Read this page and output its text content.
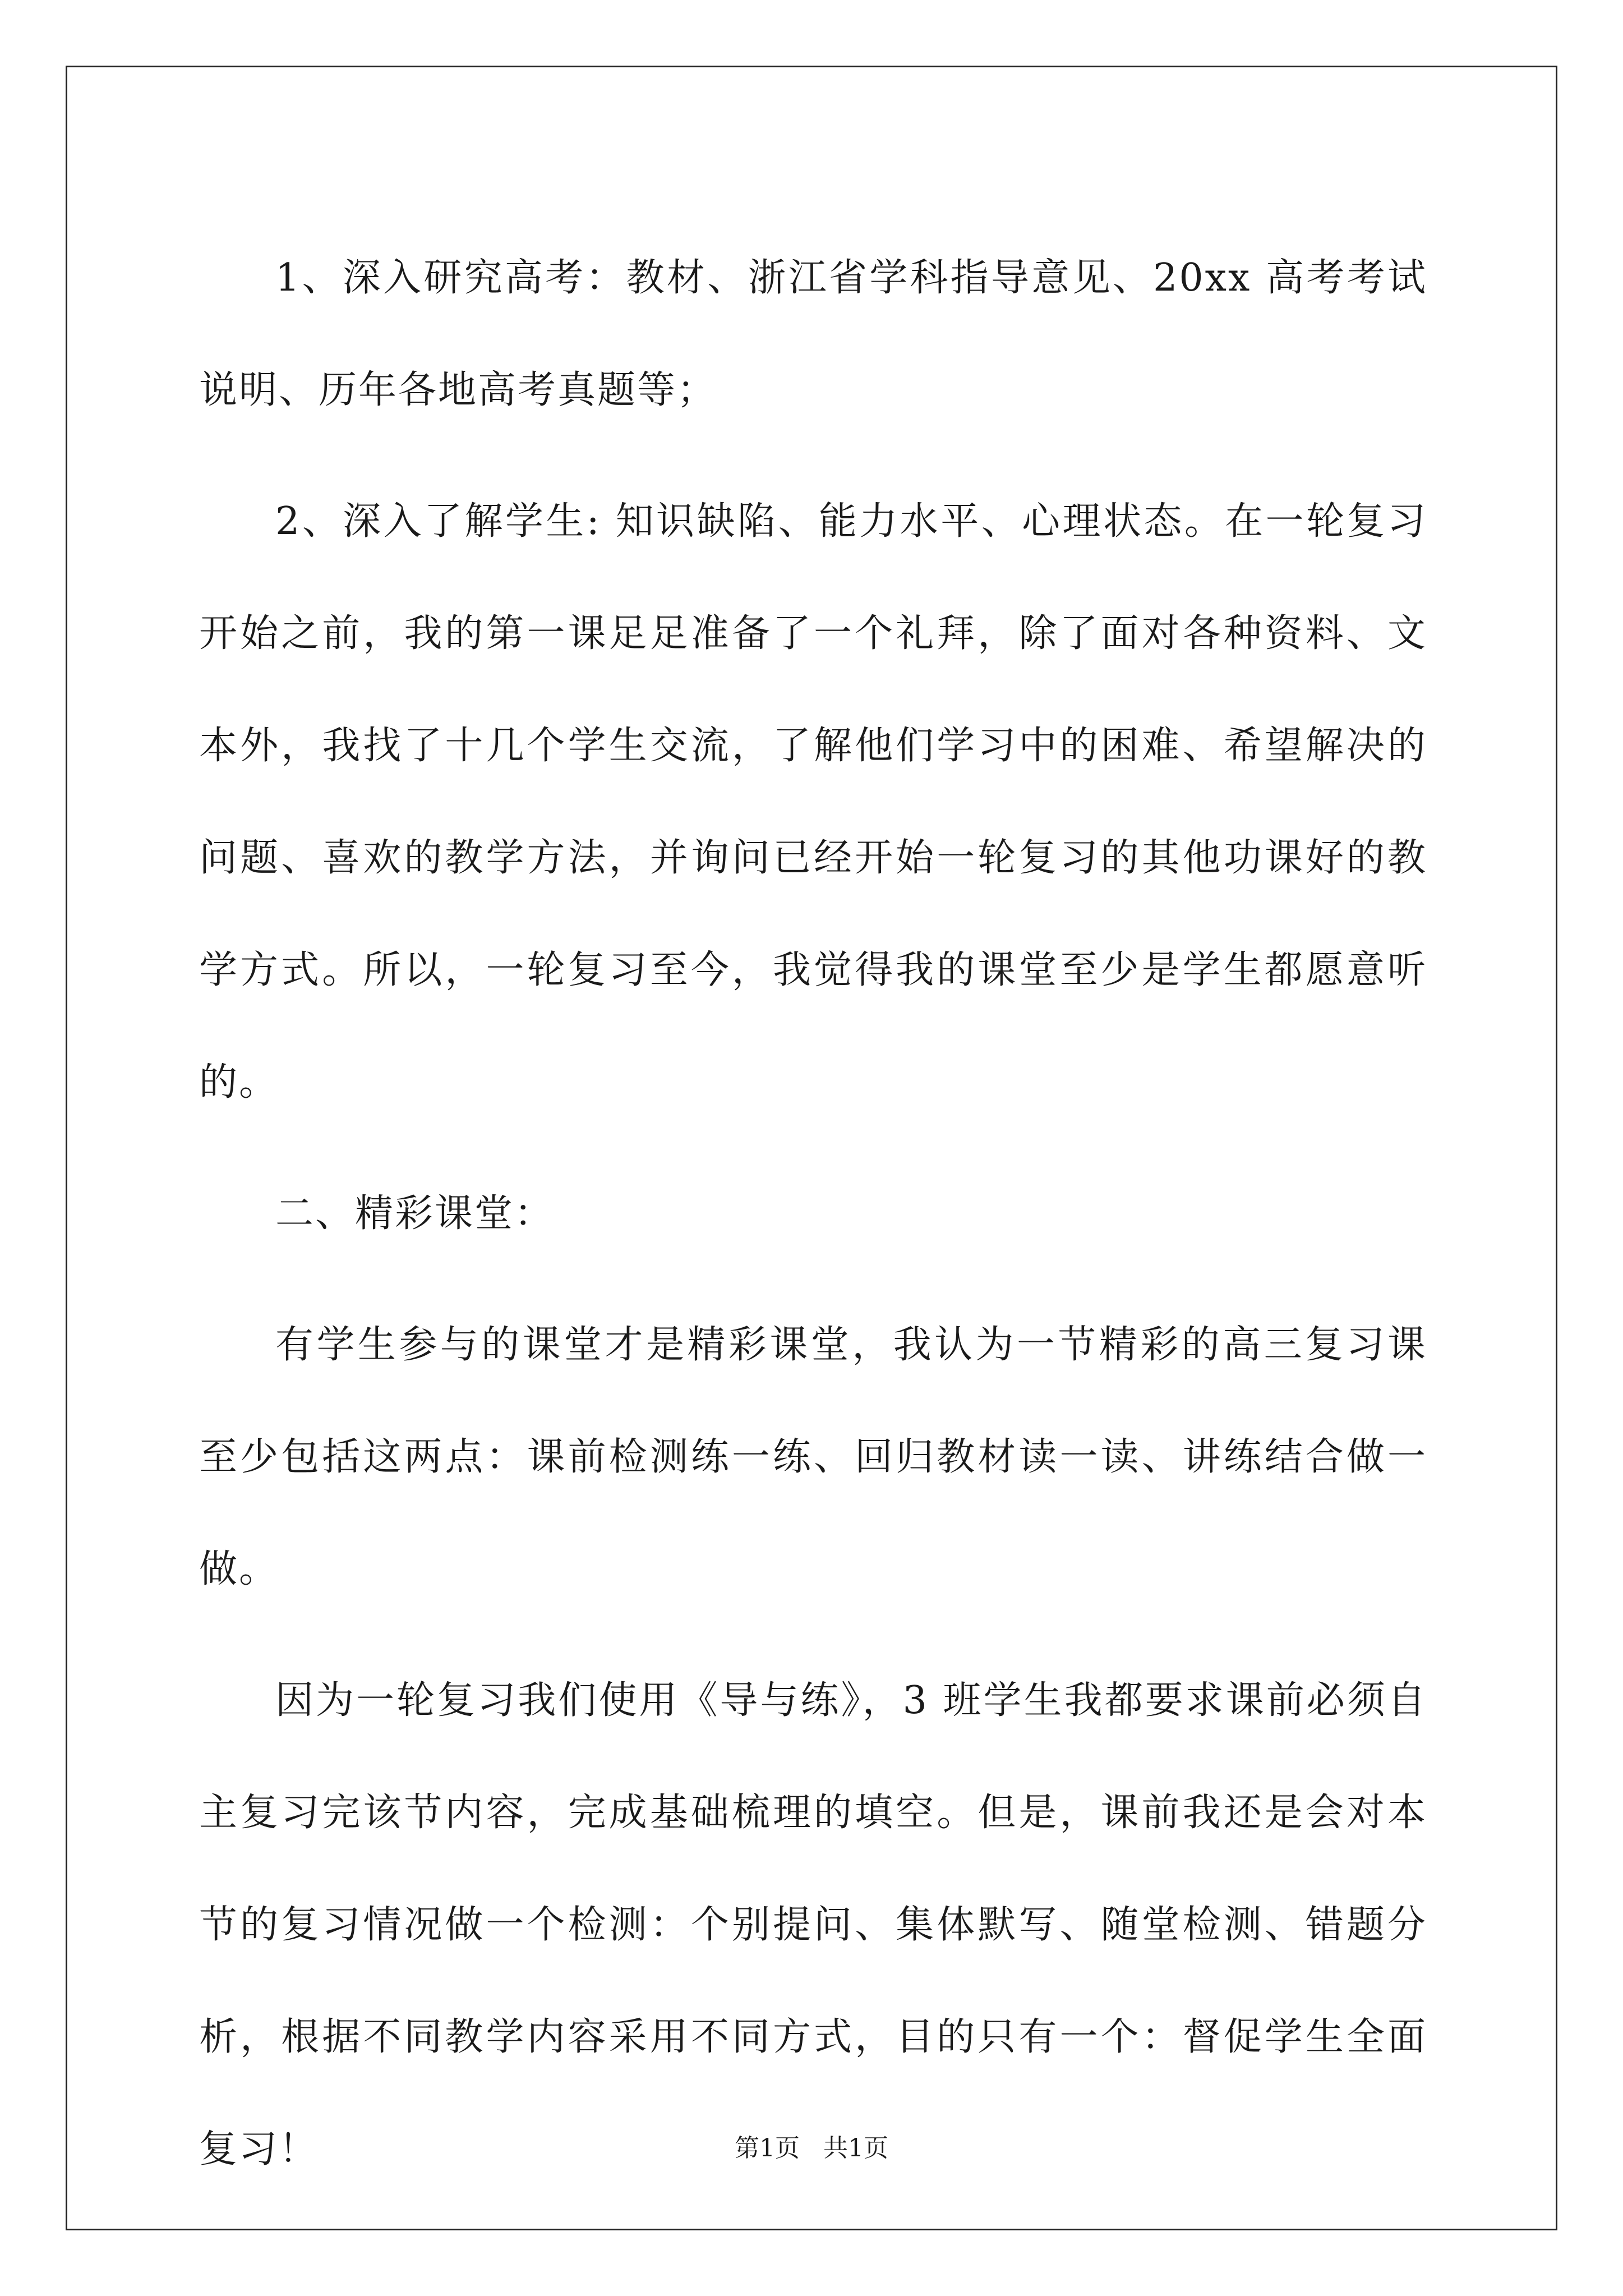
1、深入研究高考：教材、浙江省学科指导意见、20xx 高考考试说明、历年各地高考真题等；

2、深入了解学生: 知识缺陷、能力水平、心理状态。在一轮复习开始之前，我的第一课足足准备了一个礼拜，除了面对各种资料、文本外，我找了十几个学生交流，了解他们学习中的困难、希望解决的问题、喜欢的教学方法，并询问已经开始一轮复习的其他功课好的教学方式。所以，一轮复习至今，我觉得我的课堂至少是学生都愿意听的。

二、精彩课堂：

有学生参与的课堂才是精彩课堂，我认为一节精彩的高三复习课至少包括这两点：课前检测练一练、回归教材读一读、讲练结合做一做。

因为一轮复习我们使用《导与练》，3 班学生我都要求课前必须自主复习完该节内容，完成基础梳理的填空。但是，课前我还是会对本节的复习情况做一个检测：个别提问、集体默写、随堂检测、错题分析，根据不同教学内容采用不同方式，目的只有一个：督促学生全面复习！	第1页   共1页
